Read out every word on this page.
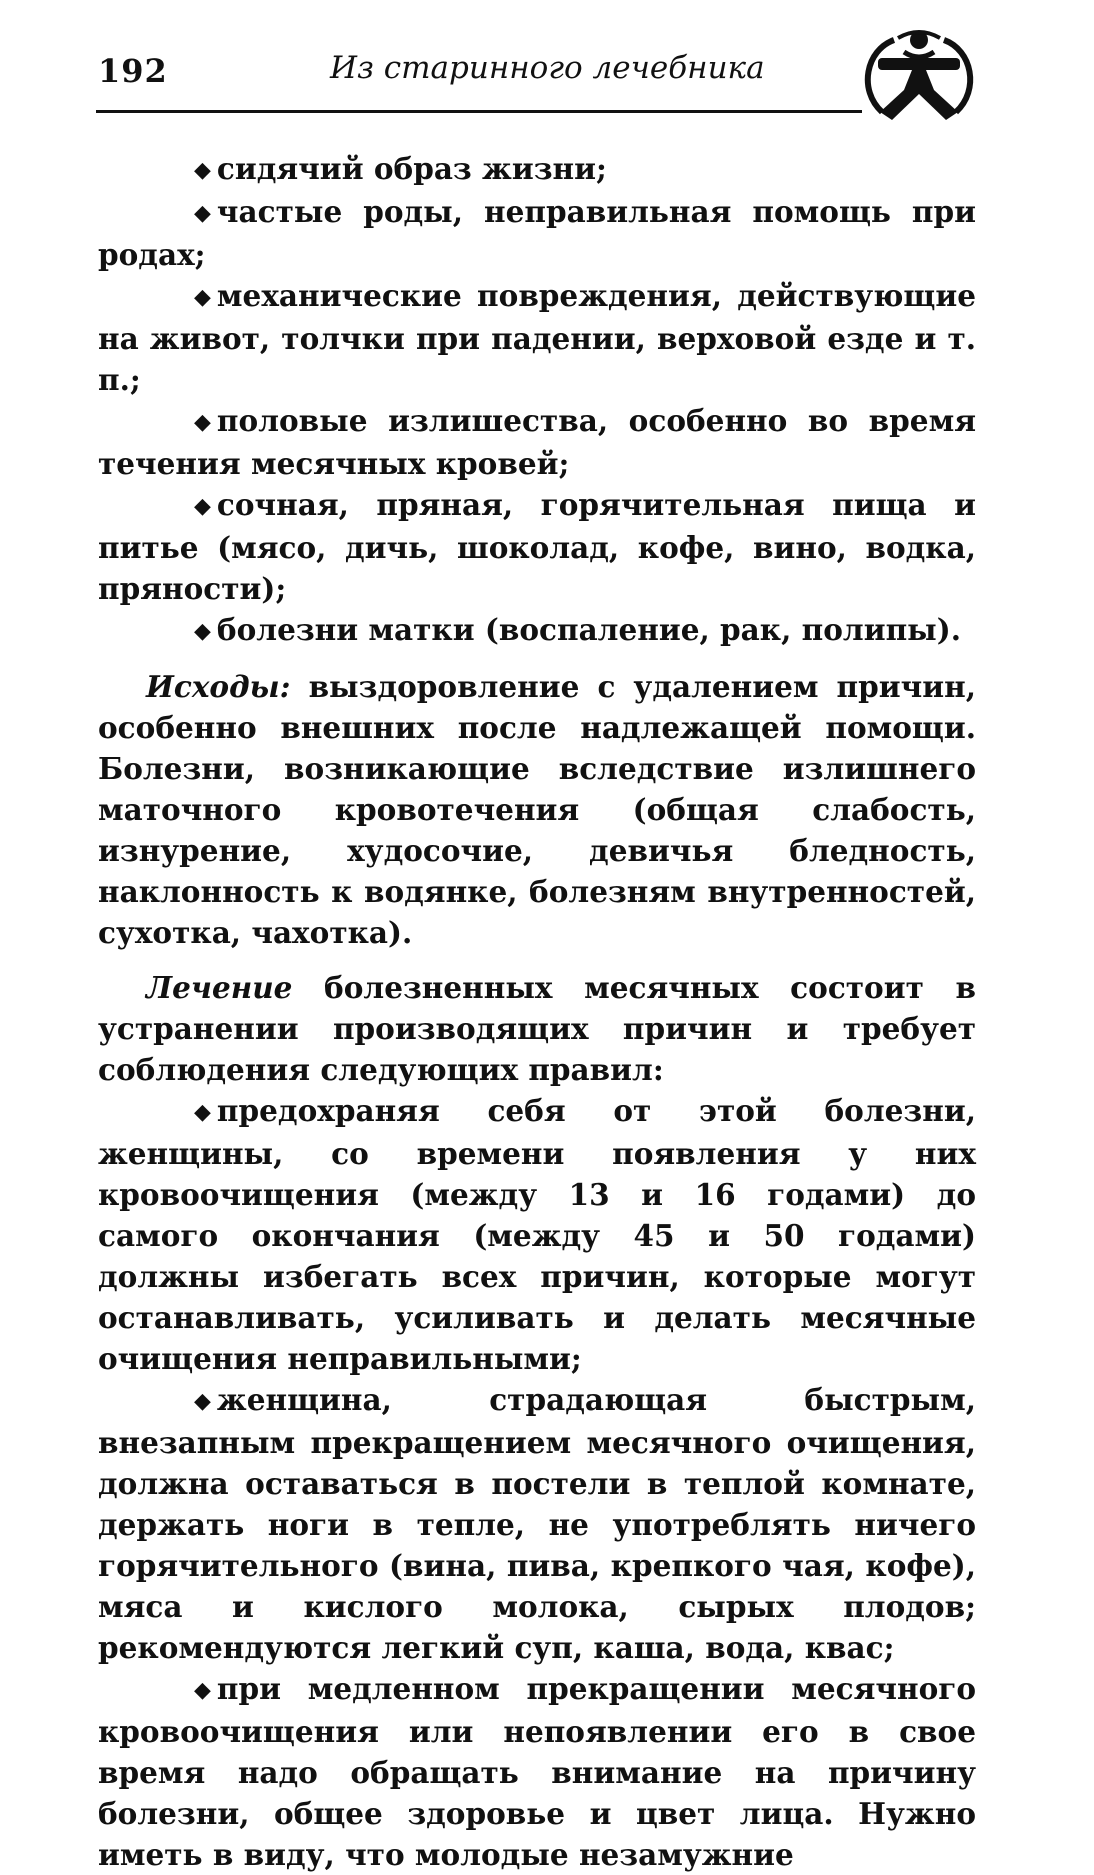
192	Из старинного лечебника

◆ сидячий образ жизни;

◆ частые роды, неправильная помощь при родах;

◆ механические повреждения, действующие на живот, толчки при падении, верховой езде и т. п.;

◆ половые излишества, особенно во время течения месячных кровей;

◆ сочная, пряная, горячительная пища и питье (мясо, дичь, шоколад, кофе, вино, водка, пряности);

◆ болезни матки (воспаление, рак, полипы).

Исходы: выздоровление с удалением причин, особенно внешних после надлежащей помощи. Болезни, возникающие вследствие излишнего маточного кровотечения (общая слабость, изнурение, худосочие, девичья бледность, наклонность к водянке, болезням внутренностей, сухотка, чахотка).

Лечение болезненных месячных состоит в устранении производящих причин и требует соблюдения следующих правил:

◆ предохраняя себя от этой болезни, женщины, со времени появления у них кровоочищения (между 13 и 16 годами) до самого окончания (между 45 и 50 годами) должны избегать всех причин, которые могут останавливать, усиливать и делать месячные очищения неправильными;

◆ женщина, страдающая быстрым, внезапным прекращением месячного очищения, должна оставаться в постели в теплой комнате, держать ноги в тепле, не употреблять ничего горячительного (вина, пива, крепкого чая, кофе), мяса и кислого молока, сырых плодов; рекомендуются легкий суп, каша, вода, квас;

◆ при медленном прекращении месячного кровоочищения или непоявлении его в свое время надо обращать внимание на причину болезни, общее здоровье и цвет лица. Нужно иметь в виду, что молодые незамужние
